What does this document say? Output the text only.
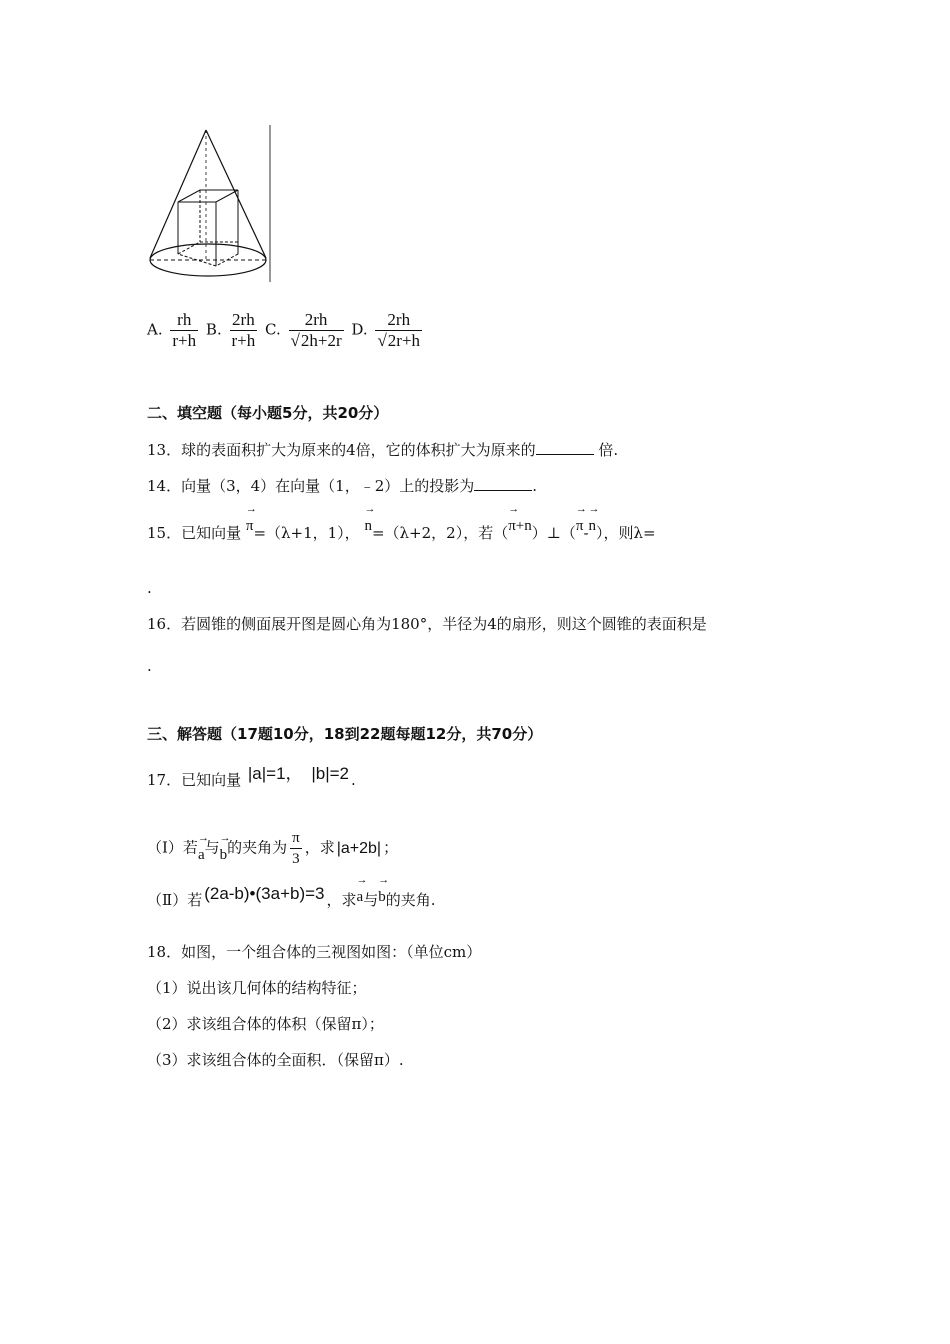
A. $\frac{rh}{r+h} B$. $\frac{2rh}{r+h} C$. $\frac{2rh}{√2h+2r} D$. $\frac{2rh}{√2r+h}$
二、填空题（每小题5分，共20分）
13．球的表面积扩大为原来的4倍，它的体积扩大为原来的	倍.
14．向量（3，4）在向量（1，﹣2）上的投影为	.
15．已知向量 → π=（λ+1，1）， → n=（λ+2，2），若（→ π+n）⊥（→ π-→ n），则λ=
.
16．若圆锥的侧面展开图是圆心角为180°，半径为4的扇形，则这个圆锥的表面积是
.
三、解答题（17题10分，18到22题每题12分，共70分）
17．已知向量 |a|=1， |b|=2 .
（Ⅰ）若→ a与→ b的夹角为 $\frac{\pi}{3}$ ，求 |a+2b| ；
（Ⅱ）若 (2a-b)•(3a+b)=3 ，求→ a与→ b的夹角.
18．如图，一个组合体的三视图如图：（单位cm）
（1）说出该几何体的结构特征；
（2）求该组合体的体积（保留π）；
（3）求该组合体的全面积．（保留π）.
